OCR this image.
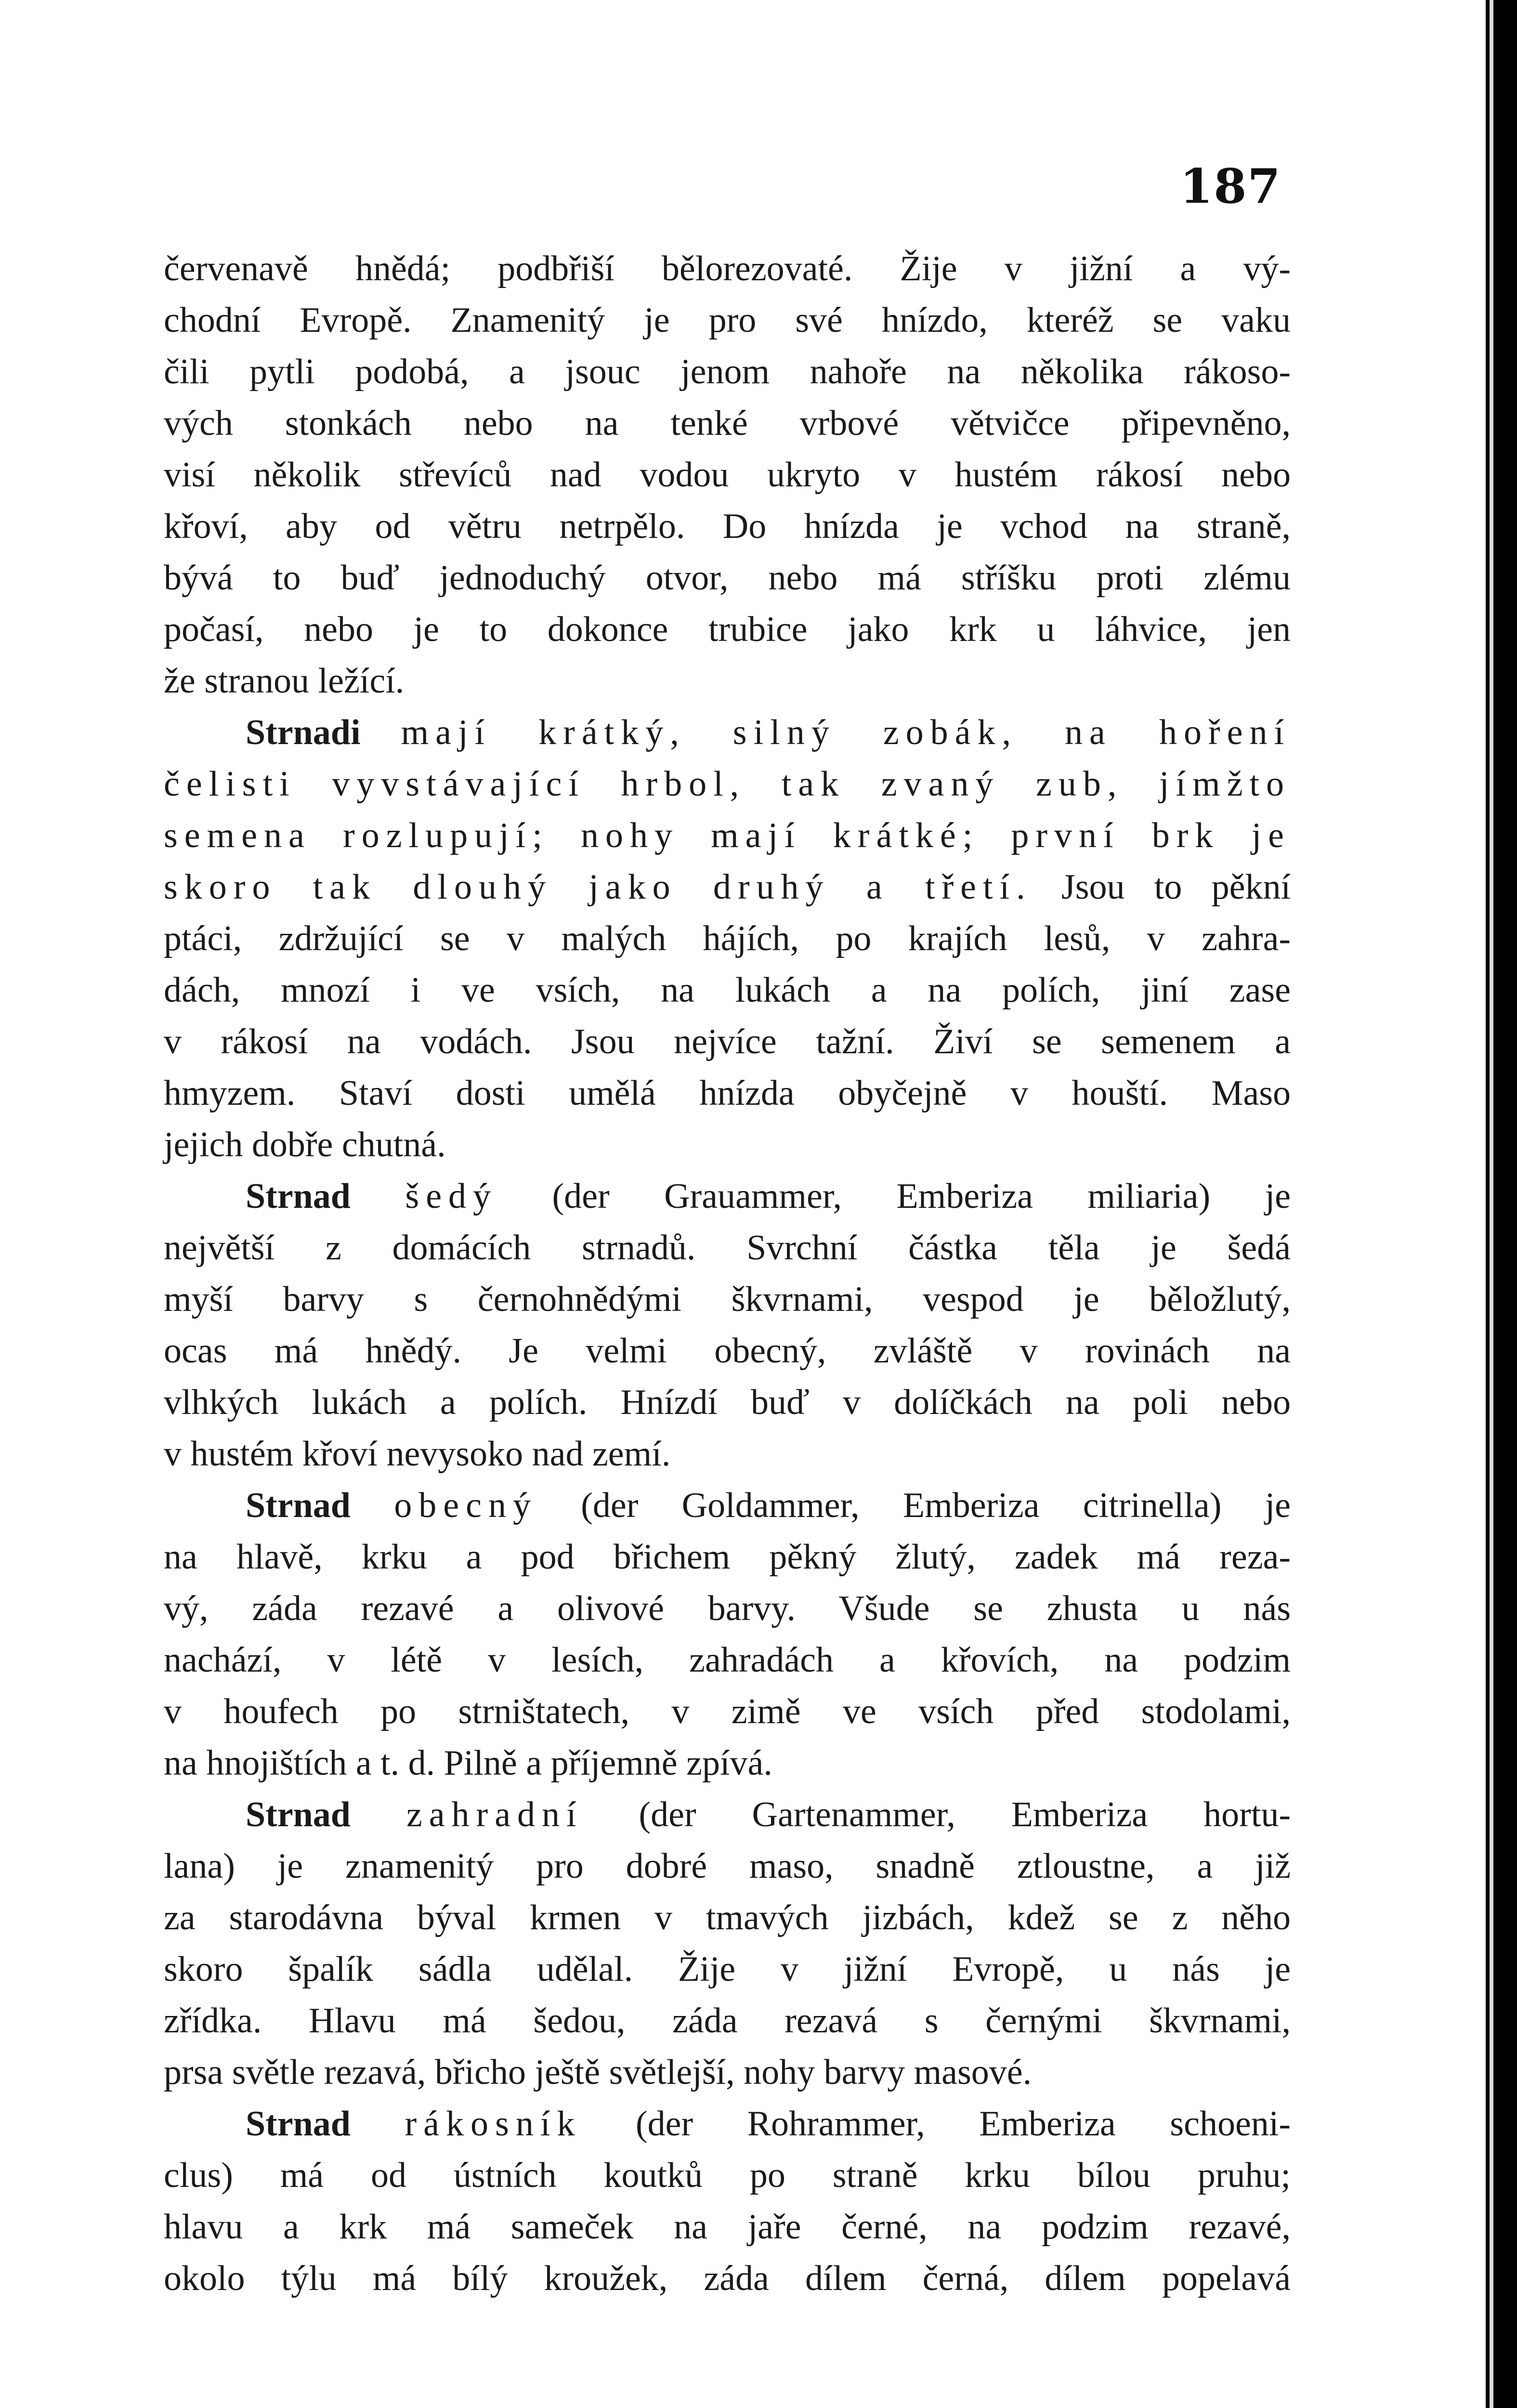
187
červenavě hnědá; podbřiší bělorezovaté. Žije v jižní a vý-
chodní Evropě. Znamenitý je pro své hnízdo, kteréž se vaku
čili pytli podobá, a jsouc jenom nahoře na několika rákoso-
vých stonkách nebo na tenké vrbové větvičce připevněno,
visí několik střevíců nad vodou ukryto v hustém rákosí nebo
křoví, aby od větru netrpělo. Do hnízda je vchod na straně,
bývá to buď jednoduchý otvor, nebo má stříšku proti zlému
počasí, nebo je to dokonce trubice jako krk u láhvice, jen
že stranou ležící.
Strnadi mají krátký, silný zobák, na hoření
čelisti vyvstávající hrbol, tak zvaný zub, jímžto
semena rozlupují; nohy mají krátké; první brk je
skoro tak dlouhý jako druhý a třetí. Jsou to pěkní
ptáci, zdržující se v malých hájích, po krajích lesů, v zahra-
dách, mnozí i ve vsích, na lukách a na polích, jiní zase
v rákosí na vodách. Jsou nejvíce tažní. Živí se semenem a
hmyzem. Staví dosti umělá hnízda obyčejně v houští. Maso
jejich dobře chutná.
Strnad šedý (der Grauammer, Emberiza miliaria) je
největší z domácích strnadů. Svrchní částka těla je šedá
myší barvy s černohnědými škvrnami, vespod je běložlutý,
ocas má hnědý. Je velmi obecný, zvláště v rovinách na
vlhkých lukách a polích. Hnízdí buď v dolíčkách na poli nebo
v hustém křoví nevysoko nad zemí.
Strnad obecný (der Goldammer, Emberiza citrinella) je
na hlavě, krku a pod břichem pěkný žlutý, zadek má reza-
vý, záda rezavé a olivové barvy. Všude se zhusta u nás
nachází, v létě v lesích, zahradách a křovích, na podzim
v houfech po strništatech, v zimě ve vsích před stodolami,
na hnojištích a t. d. Pilně a příjemně zpívá.
Strnad zahradní (der Gartenammer, Emberiza hortu-
lana) je znamenitý pro dobré maso, snadně ztloustne, a již
za starodávna býval krmen v tmavých jizbách, kdež se z něho
skoro špalík sádla udělal. Žije v jižní Evropě, u nás je
zřídka. Hlavu má šedou, záda rezavá s černými škvrnami,
prsa světle rezavá, břicho ještě světlejší, nohy barvy masové.
Strnad rákosník (der Rohrammer, Emberiza schoeni-
clus) má od ústních koutků po straně krku bílou pruhu;
hlavu a krk má sameček na jaře černé, na podzim rezavé,
okolo týlu má bílý kroužek, záda dílem černá, dílem popelavá
